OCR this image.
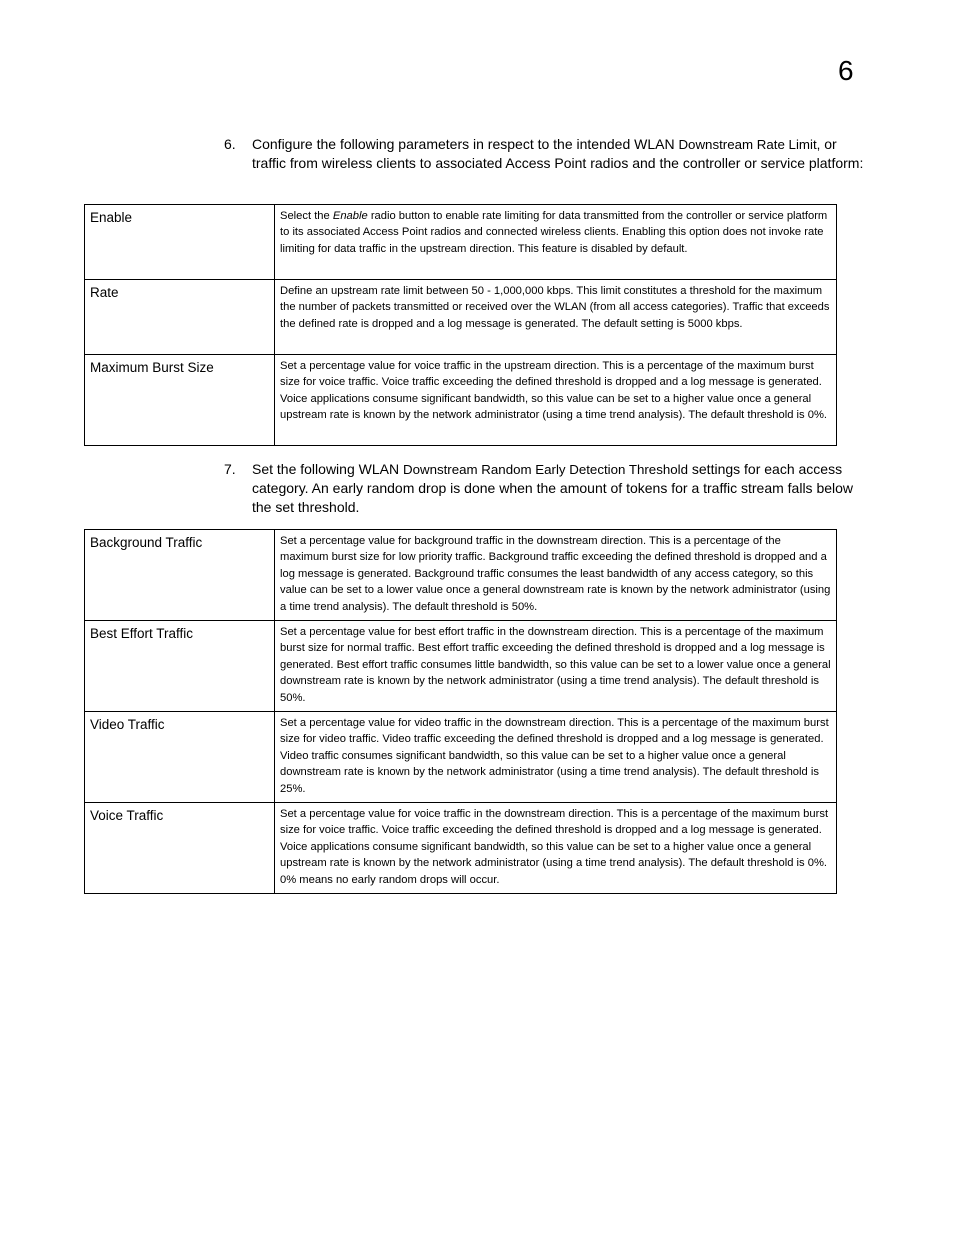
6
6. Configure the following parameters in respect to the intended WLAN Downstream Rate Limit, or traffic from wireless clients to associated Access Point radios and the controller or service platform:
Enable	Select the Enable radio button to enable rate limiting for data transmitted from the controller or service platform to its associated Access Point radios and connected wireless clients. Enabling this option does not invoke rate limiting for data traffic in the upstream direction. This feature is disabled by default.
Rate	Define an upstream rate limit between 50 - 1,000,000 kbps. This limit constitutes a threshold for the maximum the number of packets transmitted or received over the WLAN (from all access categories). Traffic that exceeds the defined rate is dropped and a log message is generated. The default setting is 5000 kbps.
Maximum Burst Size	Set a percentage value for voice traffic in the upstream direction. This is a percentage of the maximum burst size for voice traffic. Voice traffic exceeding the defined threshold is dropped and a log message is generated. Voice applications consume significant bandwidth, so this value can be set to a higher value once a general upstream rate is known by the network administrator (using a time trend analysis). The default threshold is 0%.
7. Set the following WLAN Downstream Random Early Detection Threshold settings for each access category. An early random drop is done when the amount of tokens for a traffic stream falls below the set threshold.
Background Traffic	Set a percentage value for background traffic in the downstream direction. This is a percentage of the maximum burst size for low priority traffic. Background traffic exceeding the defined threshold is dropped and a log message is generated. Background traffic consumes the least bandwidth of any access category, so this value can be set to a lower value once a general downstream rate is known by the network administrator (using a time trend analysis). The default threshold is 50%.
Best Effort Traffic	Set a percentage value for best effort traffic in the downstream direction. This is a percentage of the maximum burst size for normal traffic. Best effort traffic exceeding the defined threshold is dropped and a log message is generated. Best effort traffic consumes little bandwidth, so this value can be set to a lower value once a general downstream rate is known by the network administrator (using a time trend analysis). The default threshold is 50%.
Video Traffic	Set a percentage value for video traffic in the downstream direction. This is a percentage of the maximum burst size for video traffic. Video traffic exceeding the defined threshold is dropped and a log message is generated. Video traffic consumes significant bandwidth, so this value can be set to a higher value once a general downstream rate is known by the network administrator (using a time trend analysis). The default threshold is 25%.
Voice Traffic	Set a percentage value for voice traffic in the downstream direction. This is a percentage of the maximum burst size for voice traffic. Voice traffic exceeding the defined threshold is dropped and a log message is generated. Voice applications consume significant bandwidth, so this value can be set to a higher value once a general upstream rate is known by the network administrator (using a time trend analysis). The default threshold is 0%. 0% means no early random drops will occur.
